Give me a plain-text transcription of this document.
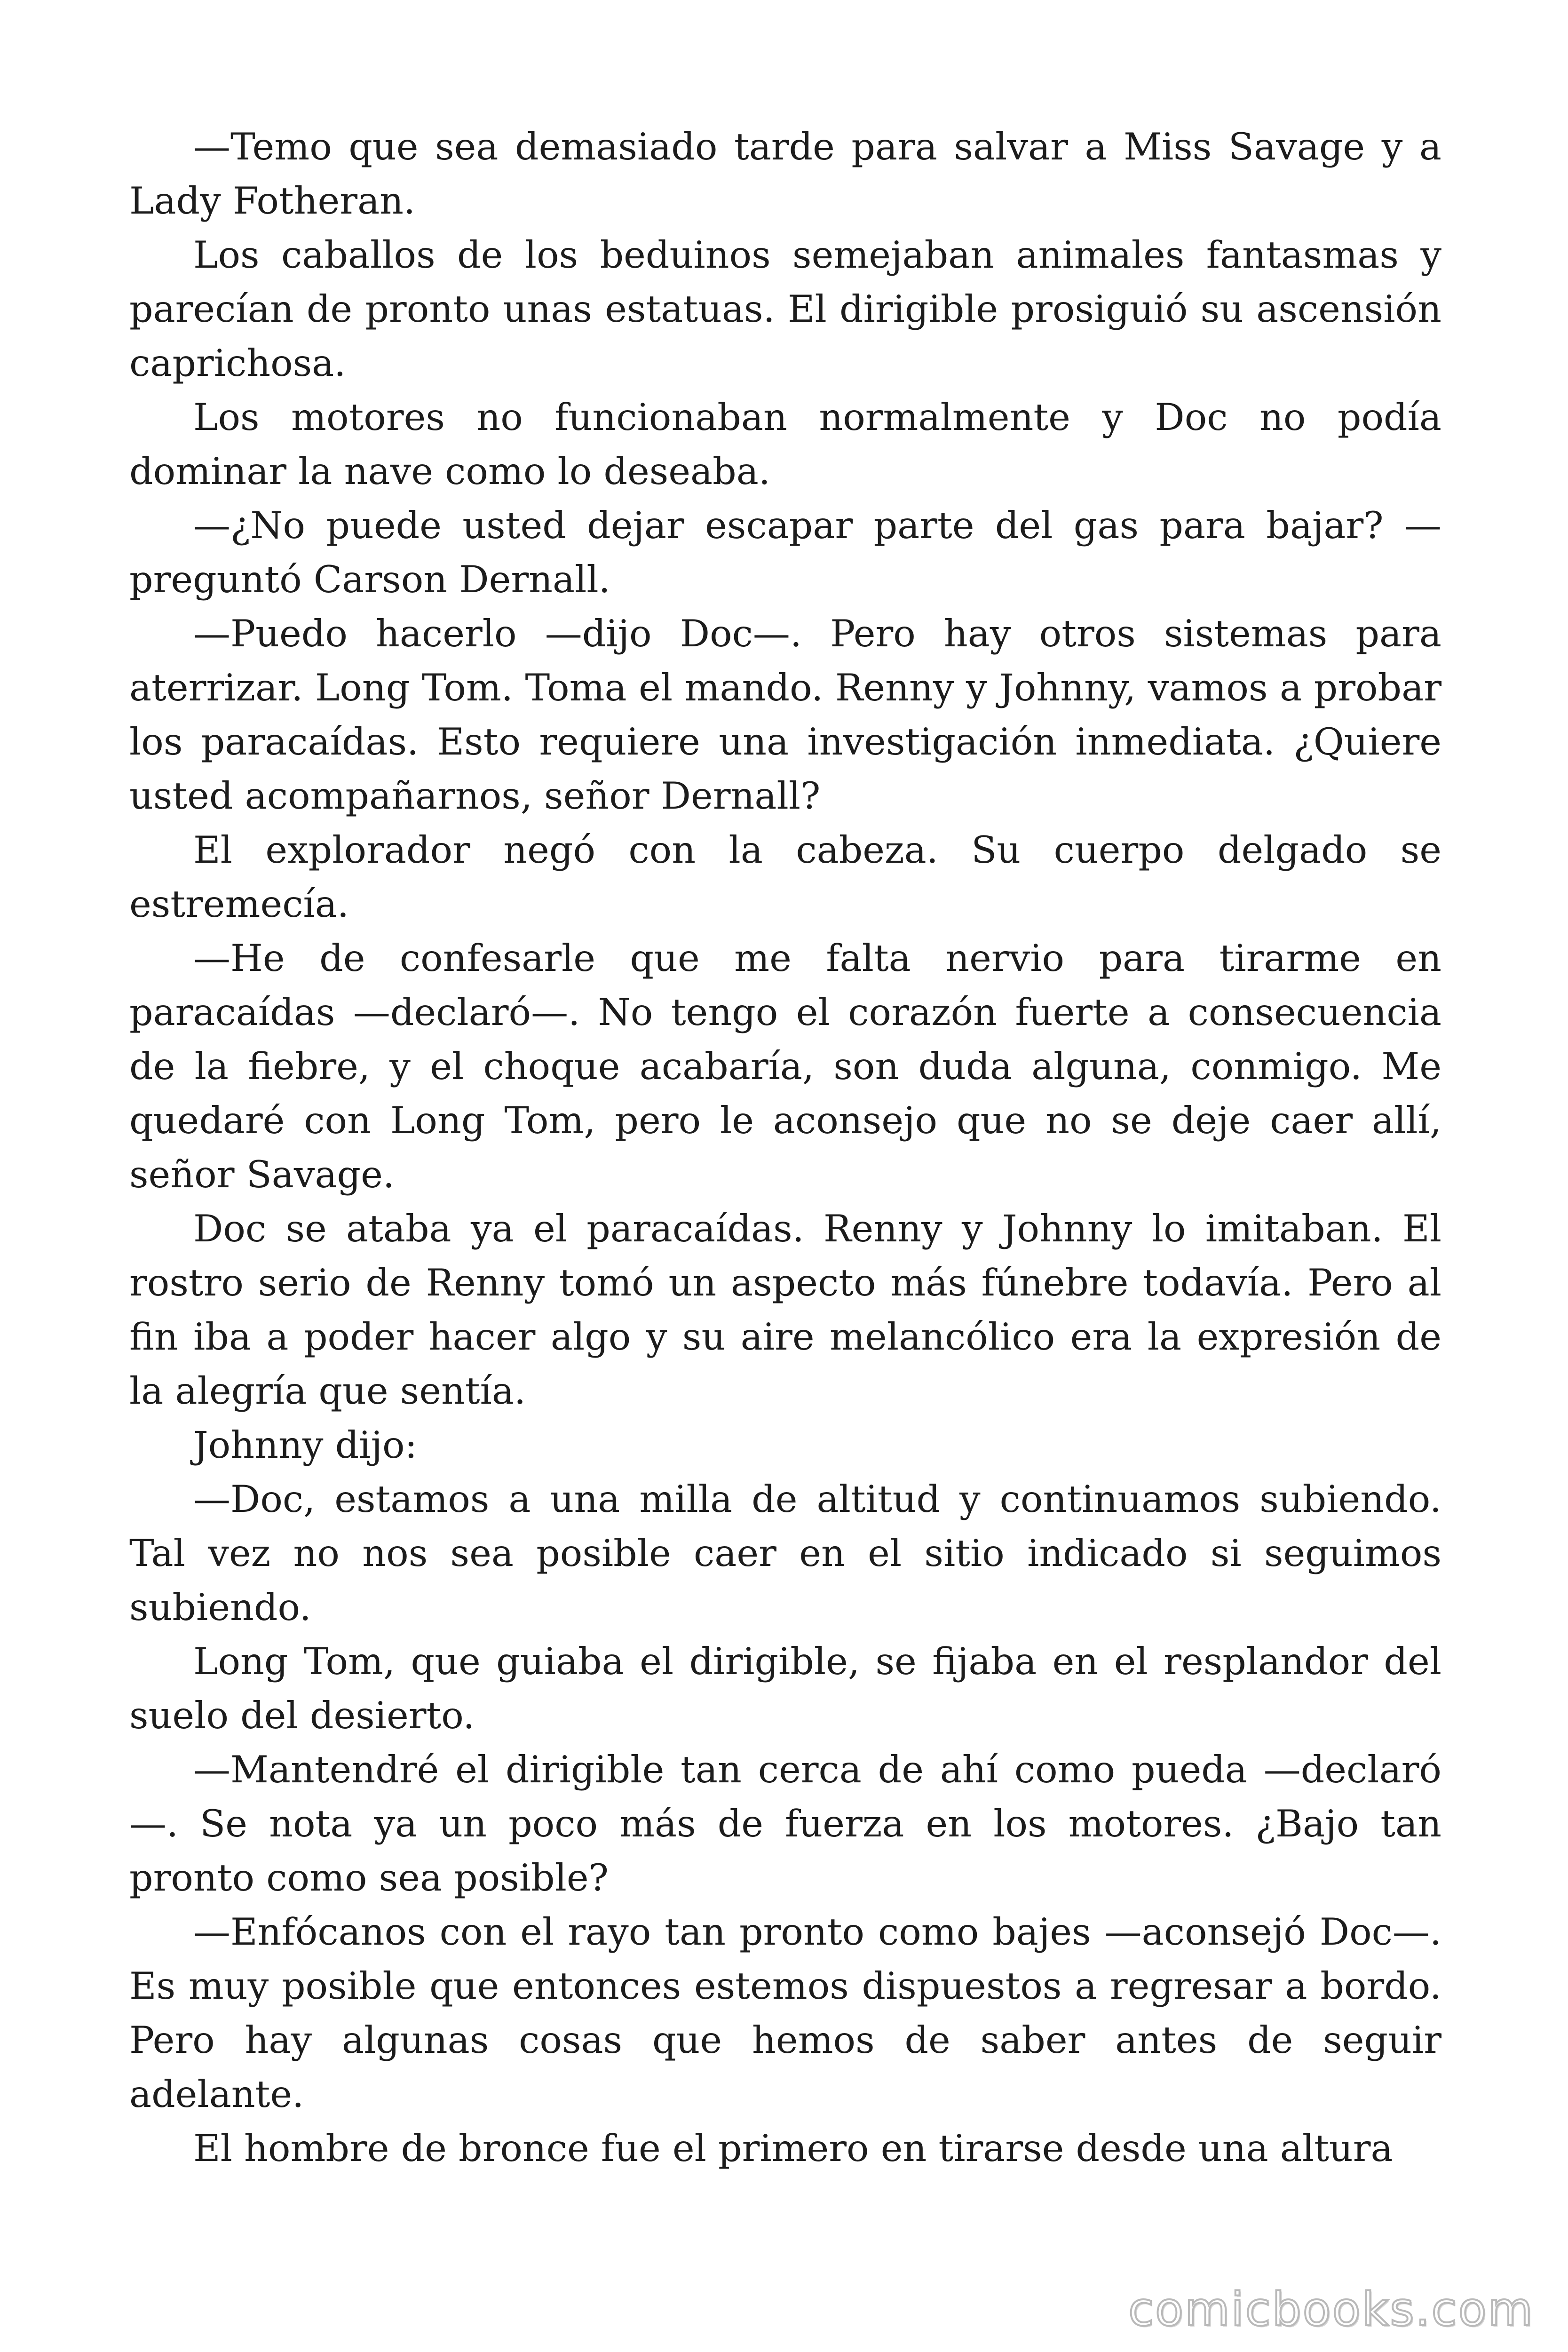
—Temo que sea demasiado tarde para salvar a Miss Savage y a Lady Fotheran.

Los caballos de los beduinos semejaban animales fantasmas y parecían de pronto unas estatuas. El dirigible prosiguió su ascensión caprichosa.

Los motores no funcionaban normalmente y Doc no podía dominar la nave como lo deseaba.

—¿No puede usted dejar escapar parte del gas para bajar? —preguntó Carson Dernall.

—Puedo hacerlo —dijo Doc—. Pero hay otros sistemas para aterrizar. Long Tom. Toma el mando. Renny y Johnny, vamos a probar los paracaídas. Esto requiere una investigación inmediata. ¿Quiere usted acompañarnos, señor Dernall?

El explorador negó con la cabeza. Su cuerpo delgado se estremecía.

—He de confesarle que me falta nervio para tirarme en paracaídas —declaró—. No tengo el corazón fuerte a consecuencia de la fiebre, y el choque acabaría, son duda alguna, conmigo. Me quedaré con Long Tom, pero le aconsejo que no se deje caer allí, señor Savage.

Doc se ataba ya el paracaídas. Renny y Johnny lo imitaban. El rostro serio de Renny tomó un aspecto más fúnebre todavía. Pero al fin iba a poder hacer algo y su aire melancólico era la expresión de la alegría que sentía.

Johnny dijo:

—Doc, estamos a una milla de altitud y continuamos subiendo. Tal vez no nos sea posible caer en el sitio indicado si seguimos subiendo.

Long Tom, que guiaba el dirigible, se fijaba en el resplandor del suelo del desierto.

—Mantendré el dirigible tan cerca de ahí como pueda —declaró—. Se nota ya un poco más de fuerza en los motores. ¿Bajo tan pronto como sea posible?

—Enfócanos con el rayo tan pronto como bajes —aconsejó Doc—. Es muy posible que entonces estemos dispuestos a regresar a bordo. Pero hay algunas cosas que hemos de saber antes de seguir adelante.

El hombre de bronce fue el primero en tirarse desde una altura

comicbooks.com
